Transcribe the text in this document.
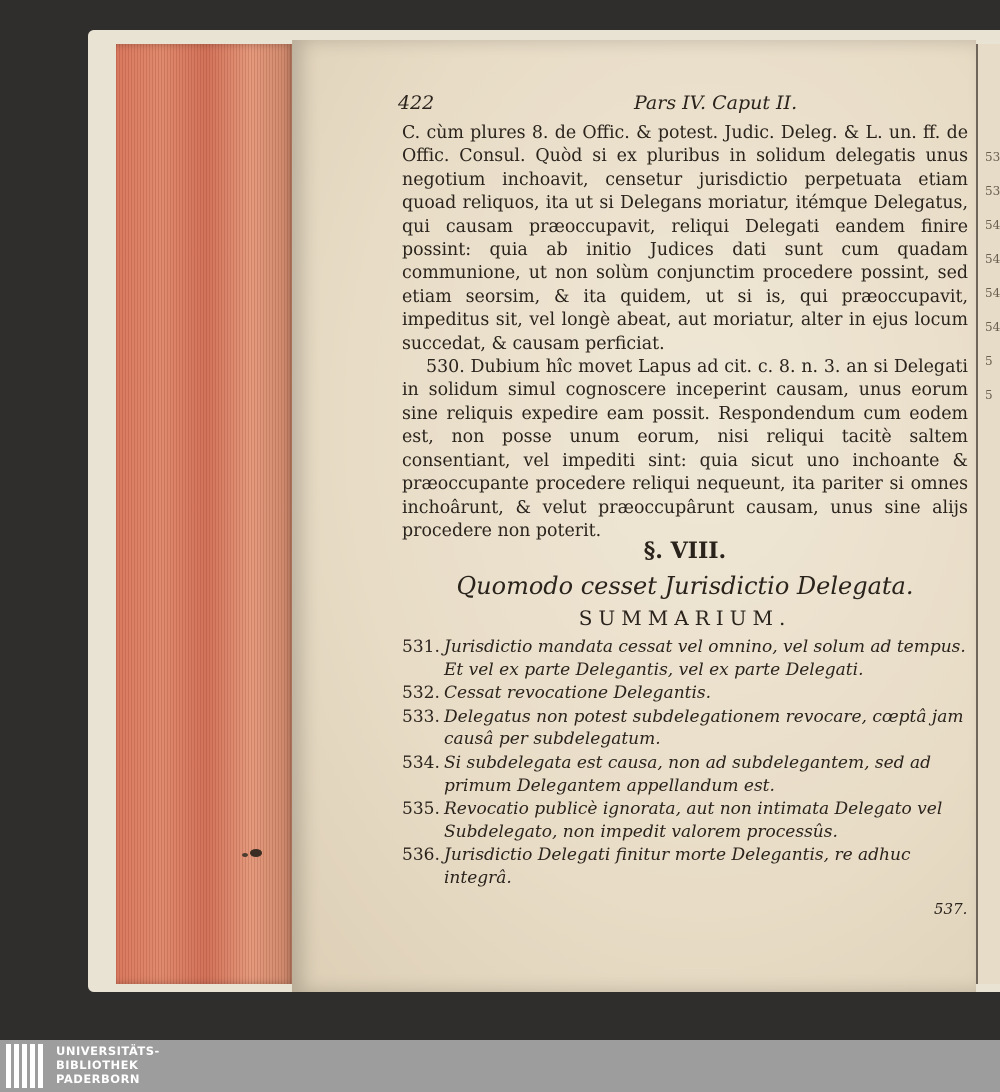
53
53
54
54
54
54
5
5
422	Pars IV. Caput II.

C. cùm plures 8. de Offic. & potest. Judic. Deleg. & L. un. ff. de Offic. Consul. Quòd si ex pluribus in solidum delegatis unus negotium inchoavit, censetur jurisdictio perpetuata etiam quoad reliquos, ita ut si Delegans moriatur, itémque Delegatus, qui causam præoccupavit, reliqui Delegati eandem finire possint: quia ab initio Judices dati sunt cum quadam communione, ut non solùm conjunctim procedere possint, sed etiam seorsim, & ita quidem, ut si is, qui præoccupavit, impeditus sit, vel longè abeat, aut moriatur, alter in ejus locum succedat, & causam perficiat.

530. Dubium hîc movet Lapus ad cit. c. 8. n. 3. an si Delegati in solidum simul cognoscere inceperint causam, unus eorum sine reliquis expedire eam possit. Respondendum cum eodem est, non posse unum eorum, nisi reliqui tacitè saltem consentiant, vel impediti sint: quia sicut uno inchoante & præoccupante procedere reliqui nequeunt, ita pariter si omnes inchoârunt, & velut præoccupârunt causam, unus sine alijs procedere non poterit.

§. VIII.
Quomodo cesset Jurisdictio Delegata.
SUMMARIUM.
531. Jurisdictio mandata cessat vel omnino, vel solum ad tempus. Et vel ex parte Delegantis, vel ex parte Delegati.
532. Cessat revocatione Delegantis.
533. Delegatus non potest subdelegationem revocare, cœptâ jam causâ per subdelegatum.
534. Si subdelegata est causa, non ad subdelegantem, sed ad primum Delegantem appellandum est.
535. Revocatio publicè ignorata, aut non intimata Delegato vel Subdelegato, non impedit valorem processûs.
536. Jurisdictio Delegati finitur morte Delegantis, re adhuc integrâ.
537.
UNIVERSITÄTS-
BIBLIOTHEK
PADERBORN
